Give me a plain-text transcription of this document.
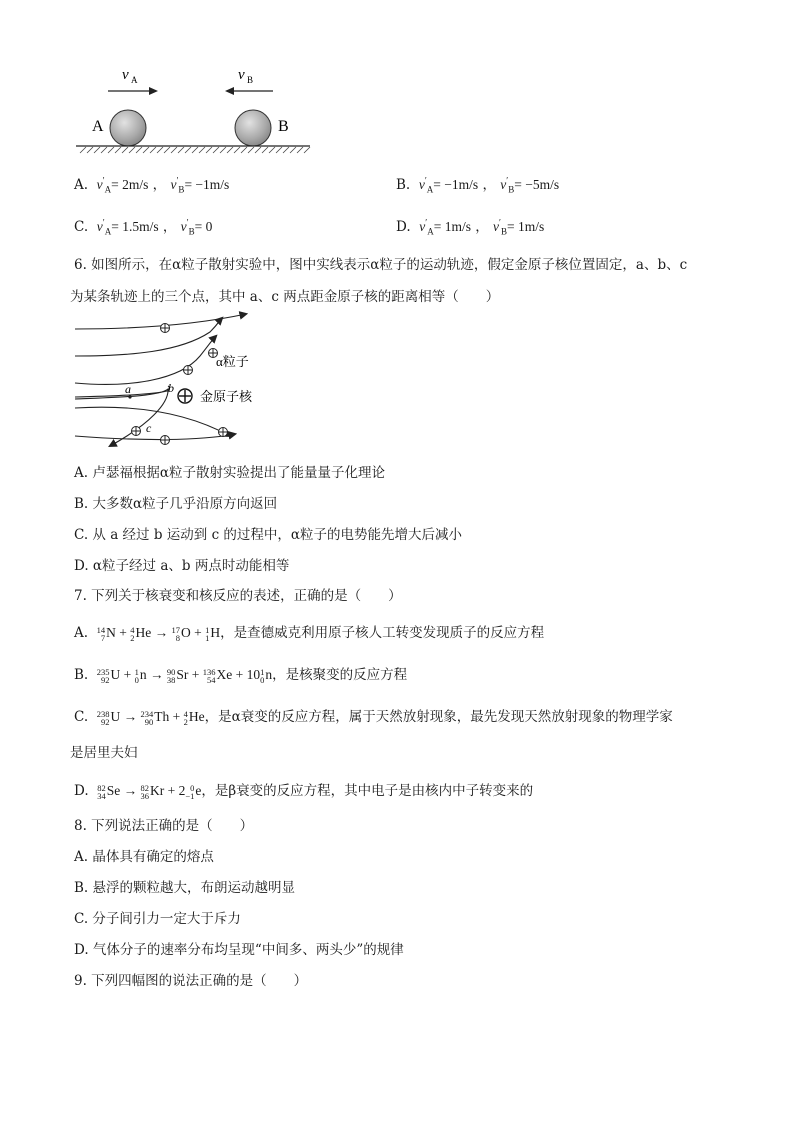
v A	v B
A	B
A. $v'_A= 2m/s$ ， $v'_B= -1m/s$	B. $v'_A= -1m/s$ ， $v'_B= -5m/s$
C. $v'_A= 1.5m/s$ ， $v'_B= 0$	D. $v'_A= 1m/s$ ， $v'_B= 1m/s$
6. 如图所示，在α粒子散射实验中，图中实线表示α粒子的运动轨迹，假定金原子核位置固定，a、b、c
为某条轨迹上的三个点，其中 a、c 两点距金原子核的距离相等（　　）
a	b
c
α粒子
金原子核
A. 卢瑟福根据α粒子散射实验提出了能量量子化理论
B. 大多数α粒子几乎沿原方向返回
C. 从 a 经过 b 运动到 c 的过程中，α粒子的电势能先增大后减小
D. α粒子经过 a、b 两点时动能相等
7. 下列关于核衰变和核反应的表述，正确的是（　　）
A. 14
7 N + 4
2 He → 17
8 O + 1
1 H，是查德威克利用原子核人工转变发现质子的反应方程
B. 235
92 U + 1
0 n → 90
38 Sr + 136
54 Xe + 10 1
0 n，是核聚变的反应方程
C. 238
92 U → 234
90 Th + 4
2 He，是α衰变的反应方程，属于天然放射现象，最先发现天然放射现象的物理学家
是居里夫妇
D. 82
34 Se → 82
36 Kr + 2 0
−1 e，是β衰变的反应方程，其中电子是由核内中子转变来的
8. 下列说法正确的是（　　）
A. 晶体具有确定的熔点
B. 悬浮的颗粒越大，布朗运动越明显
C. 分子间引力一定大于斥力
D. 气体分子的速率分布均呈现“中间多、两头少”的规律
9. 下列四幅图的说法正确的是（　　）
